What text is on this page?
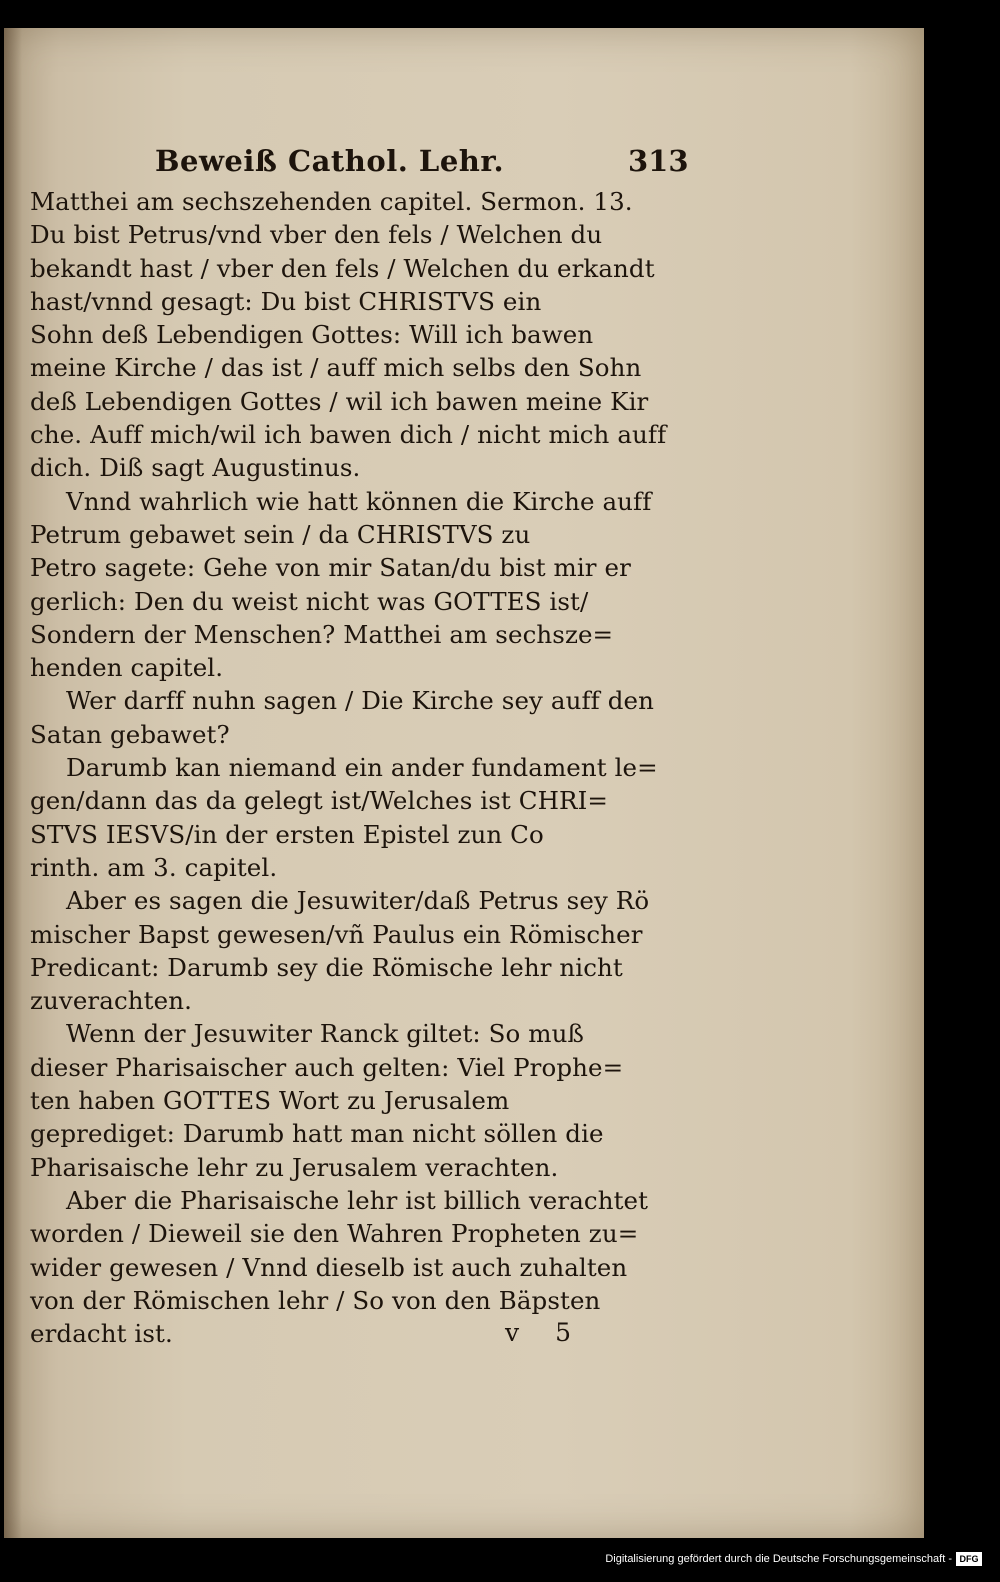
Beweiß Cathol. Lehr.	313
Matthei am sechszehenden capitel. Sermon. 13.
Du bist Petrus/vnd vber den fels / Welchen du
bekandt hast / vber den fels / Welchen du erkandt
hast/vnnd gesagt: Du bist CHRISTVS ein
Sohn deß Lebendigen Gottes: Will ich bawen
meine Kirche / das ist / auff mich selbs den Sohn
deß Lebendigen Gottes / wil ich bawen meine Kir
che. Auff mich/wil ich bawen dich / nicht mich auff
dich. Diß sagt Augustinus.
Vnnd wahrlich wie hatt können die Kirche auff
Petrum gebawet sein / da CHRISTVS zu
Petro sagete: Gehe von mir Satan/du bist mir er
gerlich: Den du weist nicht was GOTTES ist/
Sondern der Menschen? Matthei am sechsze=
henden capitel.
Wer darff nuhn sagen / Die Kirche sey auff den
Satan gebawet?
Darumb kan niemand ein ander fundament le=
gen/dann das da gelegt ist/Welches ist CHRI=
STVS IESVS/in der ersten Epistel zun Co
rinth. am 3. capitel.
Aber es sagen die Jesuwiter/daß Petrus sey Rö
mischer Bapst gewesen/vñ Paulus ein Römischer
Predicant: Darumb sey die Römische lehr nicht
zuverachten.
Wenn der Jesuwiter Ranck giltet: So muß
dieser Pharisaischer auch gelten: Viel Prophe=
ten haben GOTTES Wort zu Jerusalem
geprediget: Darumb hatt man nicht söllen die
Pharisaische lehr zu Jerusalem verachten.
Aber die Pharisaische lehr ist billich verachtet
worden / Dieweil sie den Wahren Propheten zu=
wider gewesen / Vnnd dieselb ist auch zuhalten
von der Römischen lehr / So von den Bäpsten
erdacht ist.	v 5
Digitalisierung gefördert durch die Deutsche Forschungsgemeinschaft - DFG
